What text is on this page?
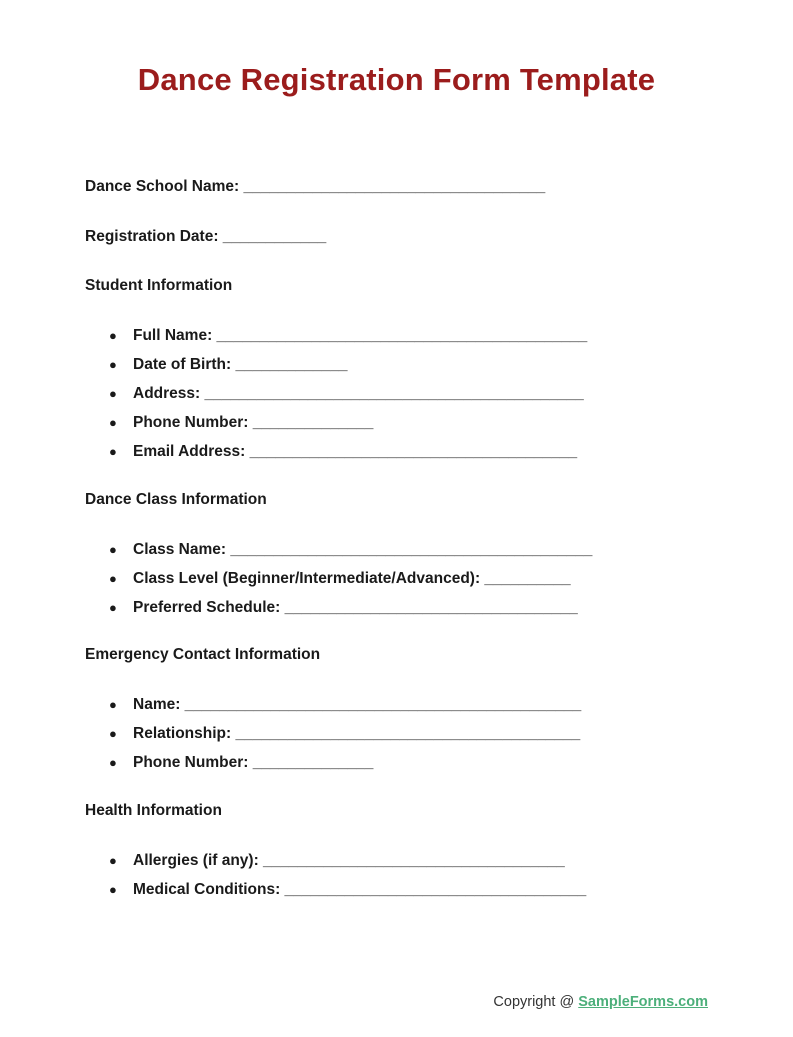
Dance Registration Form Template

Dance School Name: ___________________________________

Registration Date: ____________

Student Information

●

Full Name: ___________________________________________

●

Date of Birth: _____________

●

Address: ____________________________________________

●

Phone Number: ______________

●

Email Address: ______________________________________

Dance Class Information

●

Class Name: __________________________________________

●

Class Level (Beginner/Intermediate/Advanced): __________

●

Preferred Schedule: __________________________________

Emergency Contact Information

●

Name: ______________________________________________

●

Relationship: ________________________________________

●

Phone Number: ______________

Health Information

●

Allergies (if any): ___________________________________

●

Medical Conditions: ___________________________________

Copyright @ SampleForms.com
